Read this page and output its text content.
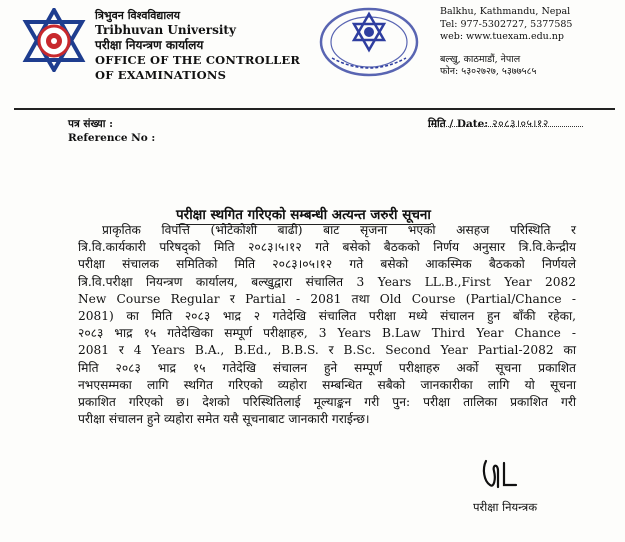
त्रिभुवन विश्वविद्यालय
Tribhuvan University
परीक्षा नियन्त्रण कार्यालय
OFFICE OF THE CONTROLLER
OF EXAMINATIONS
Balkhu, Kathmandu, Nepal
Tel: 977-5302727, 5377585
web: www.tuexam.edu.np
बल्खु, काठमाडौं, नेपाल
फोन: ५३०२७२७, ५३७७५८५
पत्र संख्या :
Reference No :
मिति / Date: २०८३।०५।१२
परीक्षा स्थगित गरिएको सम्बन्धी अत्यन्त जरुरी सूचना
प्राकृतिक विपत्ति (भोटेकोशी बाढी) बाट सृजना भएको असहज परिस्थिति र
त्रि.वि.कार्यकारी परिषद्को मिति २०८३।५।१२ गते बसेको बैठकको निर्णय अनुसार त्रि.वि.केन्द्रीय
परीक्षा संचालक समितिको मिति २०८३।०५।१२ गते बसेको आकस्मिक बैठकको निर्णयले
त्रि.वि.परीक्षा नियन्त्रण कार्यालय, बल्खुद्वारा संचालित 3 Years LL.B.,First Year 2082
New Course Regular र Partial - 2081 तथा Old Course (Partial/Chance -
2081) का मिति २०८३ भाद्र २ गतेदेखि संचालित परीक्षा मध्ये संचालन हुन बाँकी रहेका,
२०८३ भाद्र १५ गतेदेखिका सम्पूर्ण परीक्षाहरु, 3 Years B.Law Third Year Chance -
2081 र 4 Years B.A., B.Ed., B.B.S. र B.Sc. Second Year Partial-2082 का
मिति २०८३ भाद्र १५ गतेदेखि संचालन हुने सम्पूर्ण परीक्षाहरु अर्को सूचना प्रकाशित
नभएसम्मका लागि स्थगित गरिएको व्यहोरा सम्बन्धित सबैको जानकारीका लागि यो सूचना
प्रकाशित गरिएको छ। देशको परिस्थितिलाई मूल्याङ्कन गरी पुन: परीक्षा तालिका प्रकाशित गरी
परीक्षा संचालन हुने व्यहोरा समेत यसै सूचनाबाट जानकारी गराईन्छ।
परीक्षा नियन्त्रक
